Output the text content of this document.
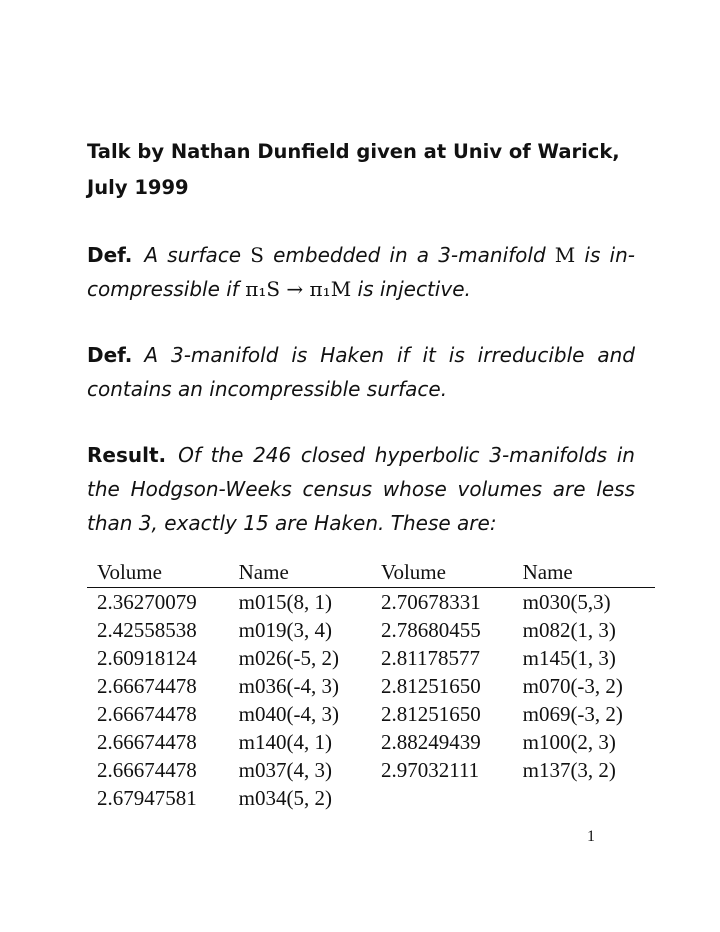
Talk by Nathan Dunfield given at Univ of Warick,
July 1999

Def. A surface S embedded in a 3-manifold M is in-compressible if π₁S → π₁M is injective.

Def. A 3-manifold is Haken if it is irreducible and contains an incompressible surface.

Result. Of the 246 closed hyperbolic 3-manifolds in the Hodgson-Weeks census whose volumes are less than 3, exactly 15 are Haken. These are:

Volume	Name	Volume	Name
2.36270079	m015(8, 1)	2.70678331	m030(5,3)
2.42558538	m019(3, 4)	2.78680455	m082(1, 3)
2.60918124	m026(-5, 2)	2.81178577	m145(1, 3)
2.66674478	m036(-4, 3)	2.81251650	m070(-3, 2)
2.66674478	m040(-4, 3)	2.81251650	m069(-3, 2)
2.66674478	m140(4, 1)	2.88249439	m100(2, 3)
2.66674478	m037(4, 3)	2.97032111	m137(3, 2)
2.67947581	m034(5, 2)		
1
